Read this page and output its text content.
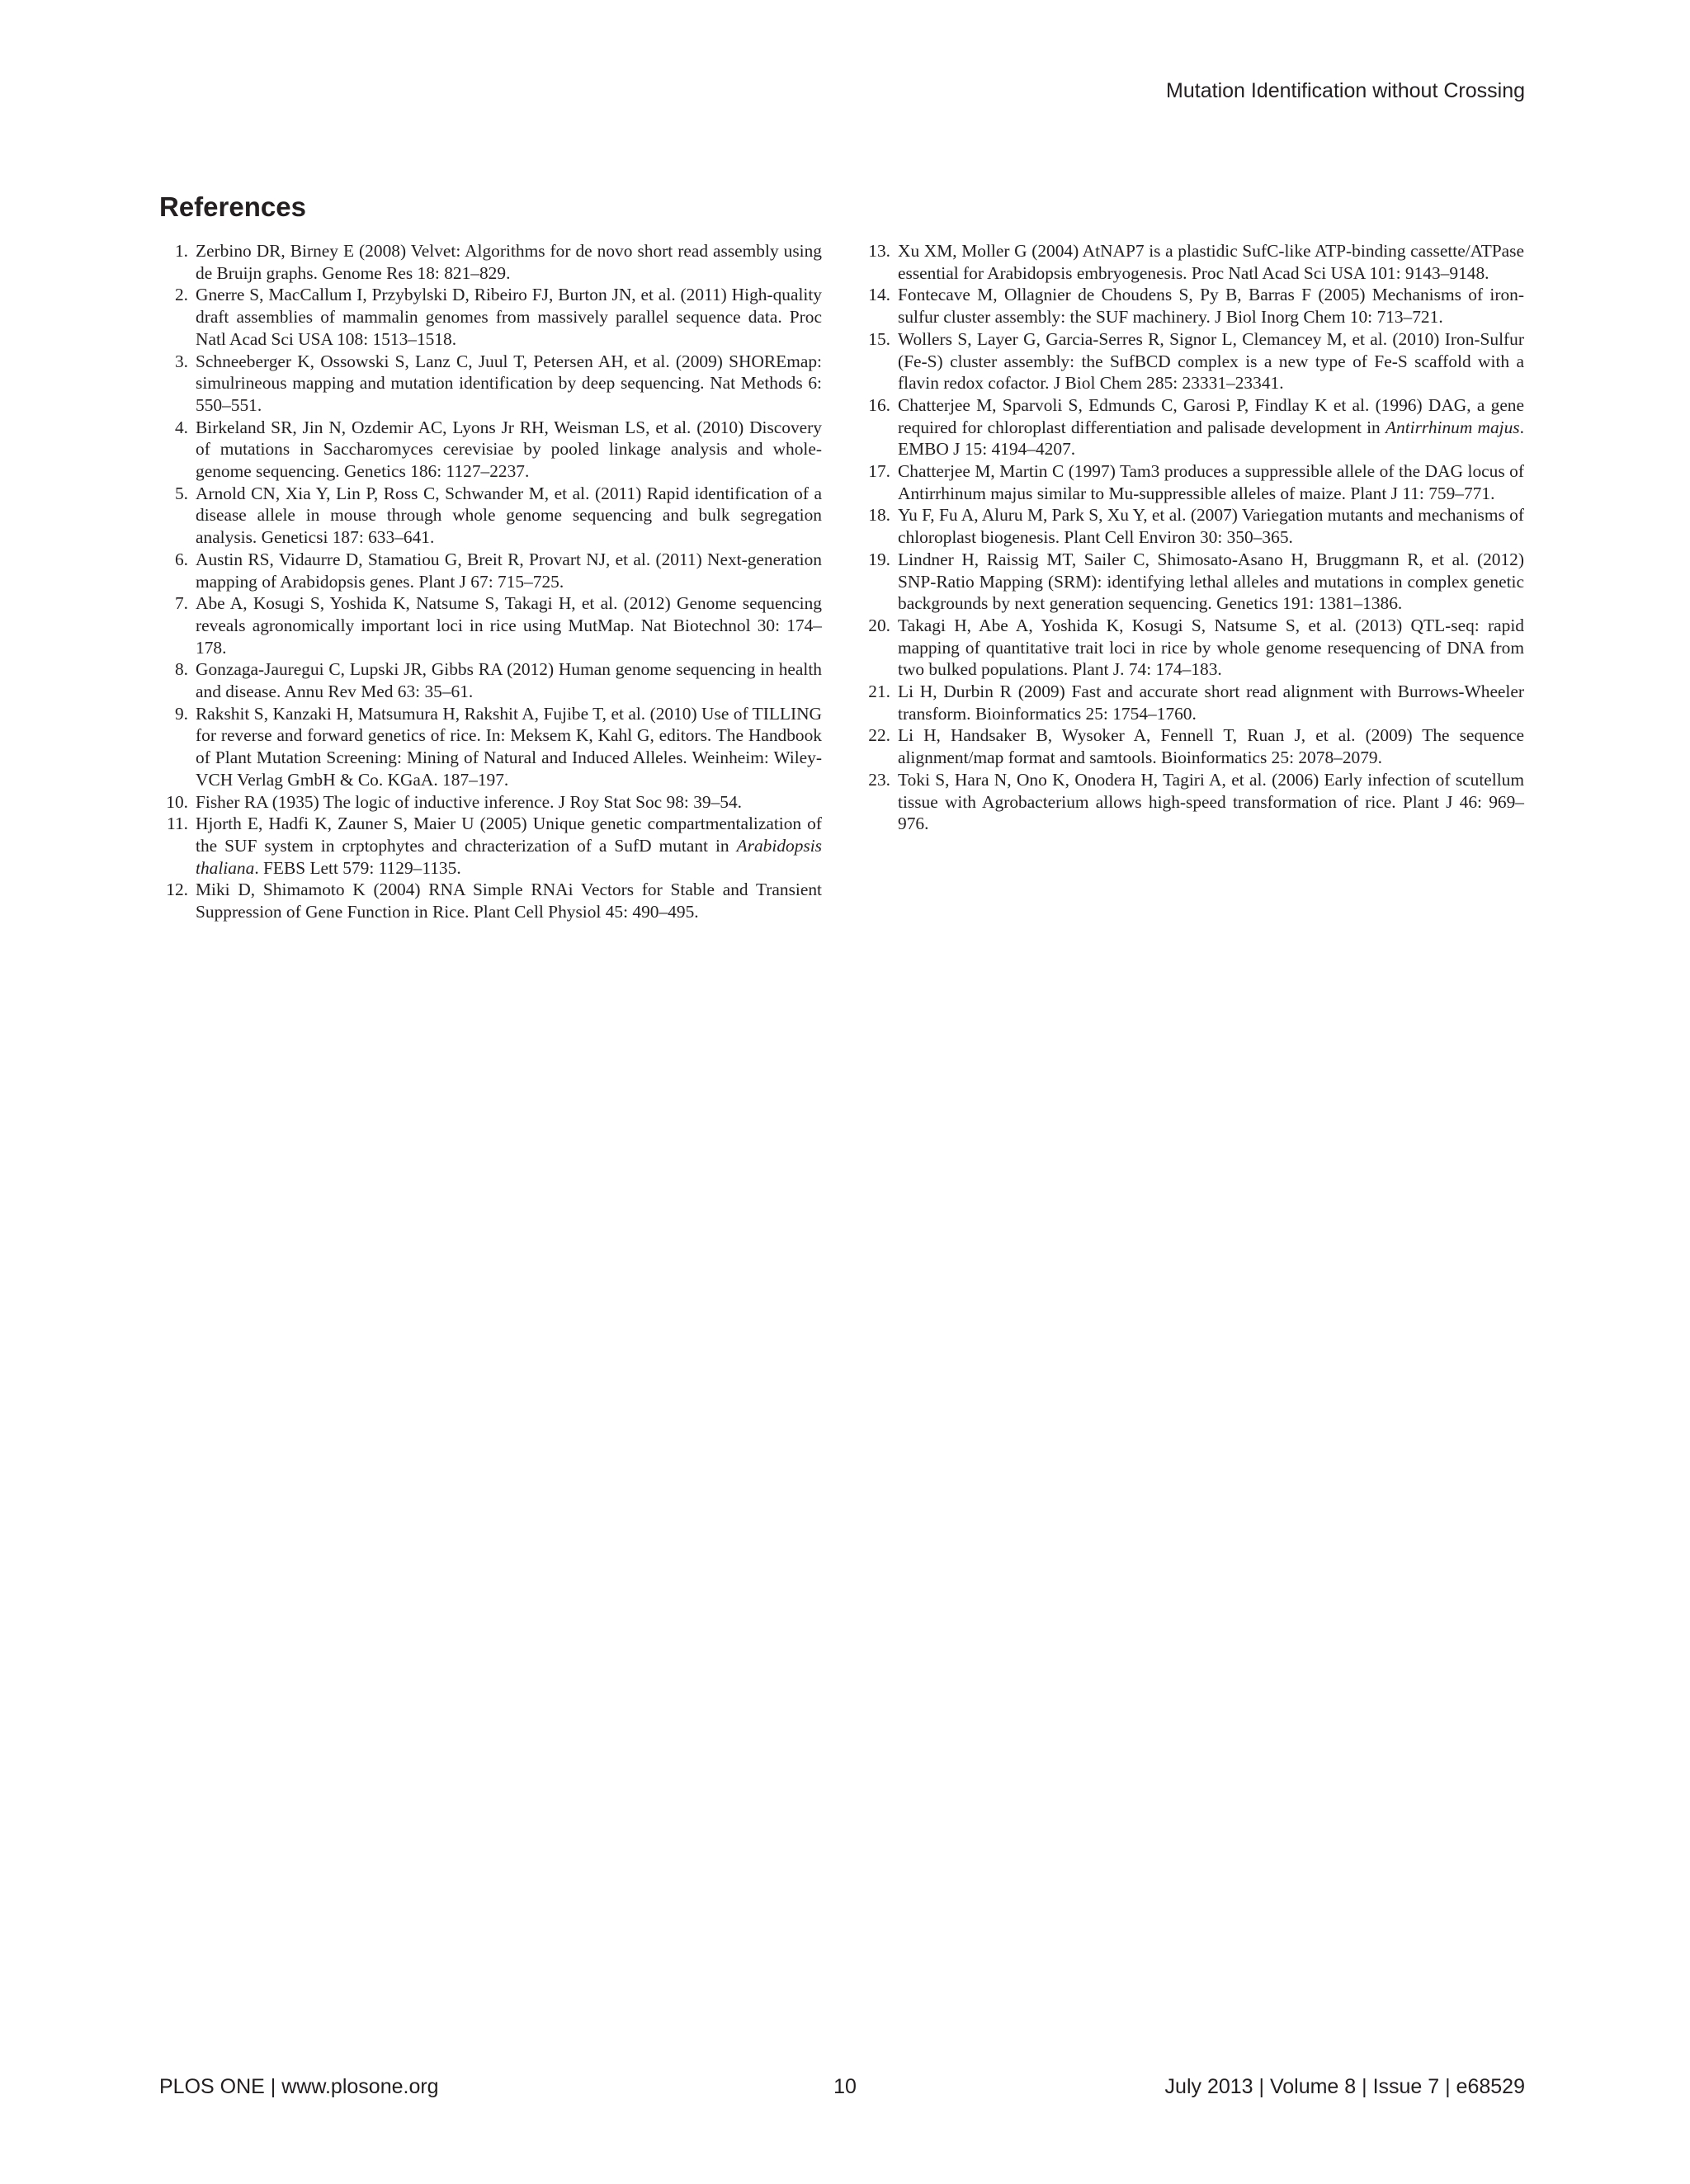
Mutation Identification without Crossing
References
1. Zerbino DR, Birney E (2008) Velvet: Algorithms for de novo short read assembly using de Bruijn graphs. Genome Res 18: 821–829.
2. Gnerre S, MacCallum I, Przybylski D, Ribeiro FJ, Burton JN, et al. (2011) High-quality draft assemblies of mammalin genomes from massively parallel sequence data. Proc Natl Acad Sci USA 108: 1513–1518.
3. Schneeberger K, Ossowski S, Lanz C, Juul T, Petersen AH, et al. (2009) SHOREmap: simulrineous mapping and mutation identification by deep sequencing. Nat Methods 6: 550–551.
4. Birkeland SR, Jin N, Ozdemir AC, Lyons Jr RH, Weisman LS, et al. (2010) Discovery of mutations in Saccharomyces cerevisiae by pooled linkage analysis and whole-genome sequencing. Genetics 186: 1127–2237.
5. Arnold CN, Xia Y, Lin P, Ross C, Schwander M, et al. (2011) Rapid identification of a disease allele in mouse through whole genome sequencing and bulk segregation analysis. Geneticsi 187: 633–641.
6. Austin RS, Vidaurre D, Stamatiou G, Breit R, Provart NJ, et al. (2011) Next-generation mapping of Arabidopsis genes. Plant J 67: 715–725.
7. Abe A, Kosugi S, Yoshida K, Natsume S, Takagi H, et al. (2012) Genome sequencing reveals agronomically important loci in rice using MutMap. Nat Biotechnol 30: 174–178.
8. Gonzaga-Jauregui C, Lupski JR, Gibbs RA (2012) Human genome sequencing in health and disease. Annu Rev Med 63: 35–61.
9. Rakshit S, Kanzaki H, Matsumura H, Rakshit A, Fujibe T, et al. (2010) Use of TILLING for reverse and forward genetics of rice. In: Meksem K, Kahl G, editors. The Handbook of Plant Mutation Screening: Mining of Natural and Induced Alleles. Weinheim: Wiley-VCH Verlag GmbH & Co. KGaA. 187–197.
10. Fisher RA (1935) The logic of inductive inference. J Roy Stat Soc 98: 39–54.
11. Hjorth E, Hadfi K, Zauner S, Maier U (2005) Unique genetic compartmentalization of the SUF system in crptophytes and chracterization of a SufD mutant in Arabidopsis thaliana. FEBS Lett 579: 1129–1135.
12. Miki D, Shimamoto K (2004) RNA Simple RNAi Vectors for Stable and Transient Suppression of Gene Function in Rice. Plant Cell Physiol 45: 490–495.
13. Xu XM, Moller G (2004) AtNAP7 is a plastidic SufC-like ATP-binding cassette/ATPase essential for Arabidopsis embryogenesis. Proc Natl Acad Sci USA 101: 9143–9148.
14. Fontecave M, Ollagnier de Choudens S, Py B, Barras F (2005) Mechanisms of iron-sulfur cluster assembly: the SUF machinery. J Biol Inorg Chem 10: 713–721.
15. Wollers S, Layer G, Garcia-Serres R, Signor L, Clemancey M, et al. (2010) Iron-Sulfur (Fe-S) cluster assembly: the SufBCD complex is a new type of Fe-S scaffold with a flavin redox cofactor. J Biol Chem 285: 23331–23341.
16. Chatterjee M, Sparvoli S, Edmunds C, Garosi P, Findlay K et al. (1996) DAG, a gene required for chloroplast differentiation and palisade development in Antirrhinum majus. EMBO J 15: 4194–4207.
17. Chatterjee M, Martin C (1997) Tam3 produces a suppressible allele of the DAG locus of Antirrhinum majus similar to Mu-suppressible alleles of maize. Plant J 11: 759–771.
18. Yu F, Fu A, Aluru M, Park S, Xu Y, et al. (2007) Variegation mutants and mechanisms of chloroplast biogenesis. Plant Cell Environ 30: 350–365.
19. Lindner H, Raissig MT, Sailer C, Shimosato-Asano H, Bruggmann R, et al. (2012) SNP-Ratio Mapping (SRM): identifying lethal alleles and mutations in complex genetic backgrounds by next generation sequencing. Genetics 191: 1381–1386.
20. Takagi H, Abe A, Yoshida K, Kosugi S, Natsume S, et al. (2013) QTL-seq: rapid mapping of quantitative trait loci in rice by whole genome resequencing of DNA from two bulked populations. Plant J. 74: 174–183.
21. Li H, Durbin R (2009) Fast and accurate short read alignment with Burrows-Wheeler transform. Bioinformatics 25: 1754–1760.
22. Li H, Handsaker B, Wysoker A, Fennell T, Ruan J, et al. (2009) The sequence alignment/map format and samtools. Bioinformatics 25: 2078–2079.
23. Toki S, Hara N, Ono K, Onodera H, Tagiri A, et al. (2006) Early infection of scutellum tissue with Agrobacterium allows high-speed transformation of rice. Plant J 46: 969–976.
PLOS ONE | www.plosone.org	10	July 2013 | Volume 8 | Issue 7 | e68529
